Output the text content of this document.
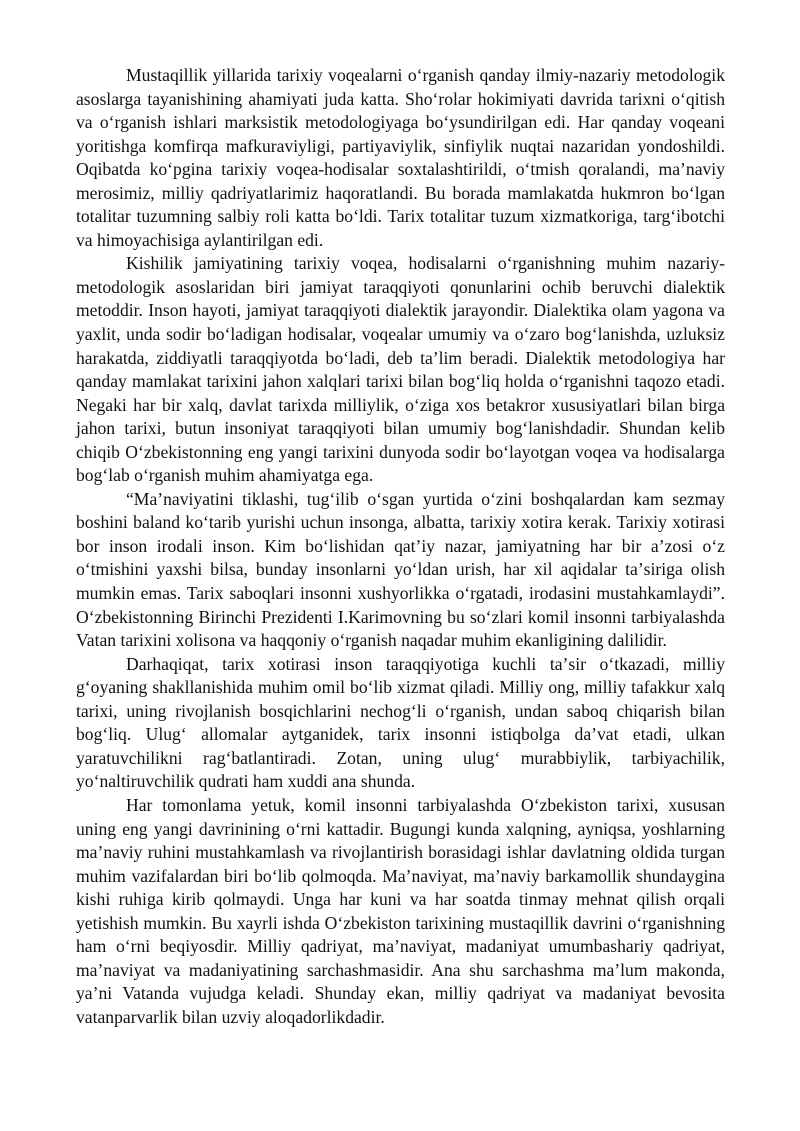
Mustaqillik yillarida tarixiy voqealarni oʻrganish qanday ilmiy-nazariy metodologik asoslarga tayanishining ahamiyati juda katta. Shoʻrolar hokimiyati davrida tarixni oʻqitish va oʻrganish ishlari marksistik metodologiyaga boʻysundirilgan edi. Har qanday voqeani yoritishga komfirqa mafkuraviyligi, partiyaviylik, sinfiylik nuqtai nazaridan yondoshildi. Oqibatda koʻpgina tarixiy voqea-hodisalar soxtalashtirildi, oʻtmish qoralandi, maʼnaviy merosimiz, milliy qadriyatlarimiz haqoratlandi. Bu borada mamlakatda hukmron boʻlgan totalitar tuzumning salbiy roli katta boʻldi. Tarix totalitar tuzum xizmatkoriga, targʻibotchi va himoyachisiga aylantirilgan edi.

Kishilik jamiyatining tarixiy voqea, hodisalarni oʻrganishning muhim nazariy-metodologik asoslaridan biri jamiyat taraqqiyoti qonunlarini ochib beruvchi dialektik metoddir. Inson hayoti, jamiyat taraqqiyoti dialektik jarayondir. Dialektika olam yagona va yaxlit, unda sodir boʻladigan hodisalar, voqealar umumiy va oʻzaro bogʻlanishda, uzluksiz harakatda, ziddiyatli taraqqiyotda boʻladi, deb taʼlim beradi. Dialektik metodologiya har qanday mamlakat tarixini jahon xalqlari tarixi bilan bogʻliq holda oʻrganishni taqozo etadi. Negaki har bir xalq, davlat tarixda milliylik, oʻziga xos betakror xususiyatlari bilan birga jahon tarixi, butun insoniyat taraqqiyoti bilan umumiy bogʻlanishdadir. Shundan kelib chiqib Oʻzbekistonning eng yangi tarixini dunyoda sodir boʻlayotgan voqea va hodisalarga bogʻlab oʻrganish muhim ahamiyatga ega.

“Maʼnaviyatini tiklashi, tugʻilib oʻsgan yurtida oʻzini boshqalardan kam sezmay boshini baland koʻtarib yurishi uchun insonga, albatta, tarixiy xotira kerak. Tarixiy xotirasi bor inson irodali inson. Kim boʻlishidan qatʼiy nazar, jamiyatning har bir aʼzosi oʻz oʻtmishini yaxshi bilsa, bunday insonlarni yoʻldan urish, har xil aqidalar taʼsiriga olish mumkin emas. Tarix saboqlari insonni xushyorlikka oʻrgatadi, irodasini mustahkamlaydi”. Oʻzbekistonning Birinchi Prezidenti I.Karimovning bu soʻzlari komil insonni tarbiyalashda Vatan tarixini xolisona va haqqoniy oʻrganish naqadar muhim ekanligining dalilidir.

Darhaqiqat, tarix xotirasi inson taraqqiyotiga kuchli taʼsir oʻtkazadi, milliy gʻoyaning shakllanishida muhim omil boʻlib xizmat qiladi. Milliy ong, milliy tafakkur xalq tarixi, uning rivojlanish bosqichlarini nechogʻli oʻrganish, undan saboq chiqarish bilan bogʻliq. Ulugʻ allomalar aytganidek, tarix insonni istiqbolga daʼvat etadi, ulkan yaratuvchilikni ragʻbatlantiradi. Zotan, uning ulugʻ murabbiylik, tarbiyachilik, yoʻnaltiruvchilik qudrati ham xuddi ana shunda.

Har tomonlama yetuk, komil insonni tarbiyalashda Oʻzbekiston tarixi, xususan uning eng yangi davrinining oʻrni kattadir. Bugungi kunda xalqning, ayniqsa, yoshlarning maʼnaviy ruhini mustahkamlash va rivojlantirish borasidagi ishlar davlatning oldida turgan muhim vazifalardan biri boʻlib qolmoqda. Maʼnaviyat, maʼnaviy barkamollik shundaygina kishi ruhiga kirib qolmaydi. Unga har kuni va har soatda tinmay mehnat qilish orqali yetishish mumkin. Bu xayrli ishda Oʻzbekiston tarixining mustaqillik davrini oʻrganishning ham oʻrni beqiyosdir. Milliy qadriyat, maʼnaviyat, madaniyat umumbashariy qadriyat, maʼnaviyat va madaniyatining sarchashmasidir. Ana shu sarchashma maʼlum makonda, yaʼni Vatanda vujudga keladi. Shunday ekan, milliy qadriyat va madaniyat bevosita vatanparvarlik bilan uzviy aloqadorlikdadir.
